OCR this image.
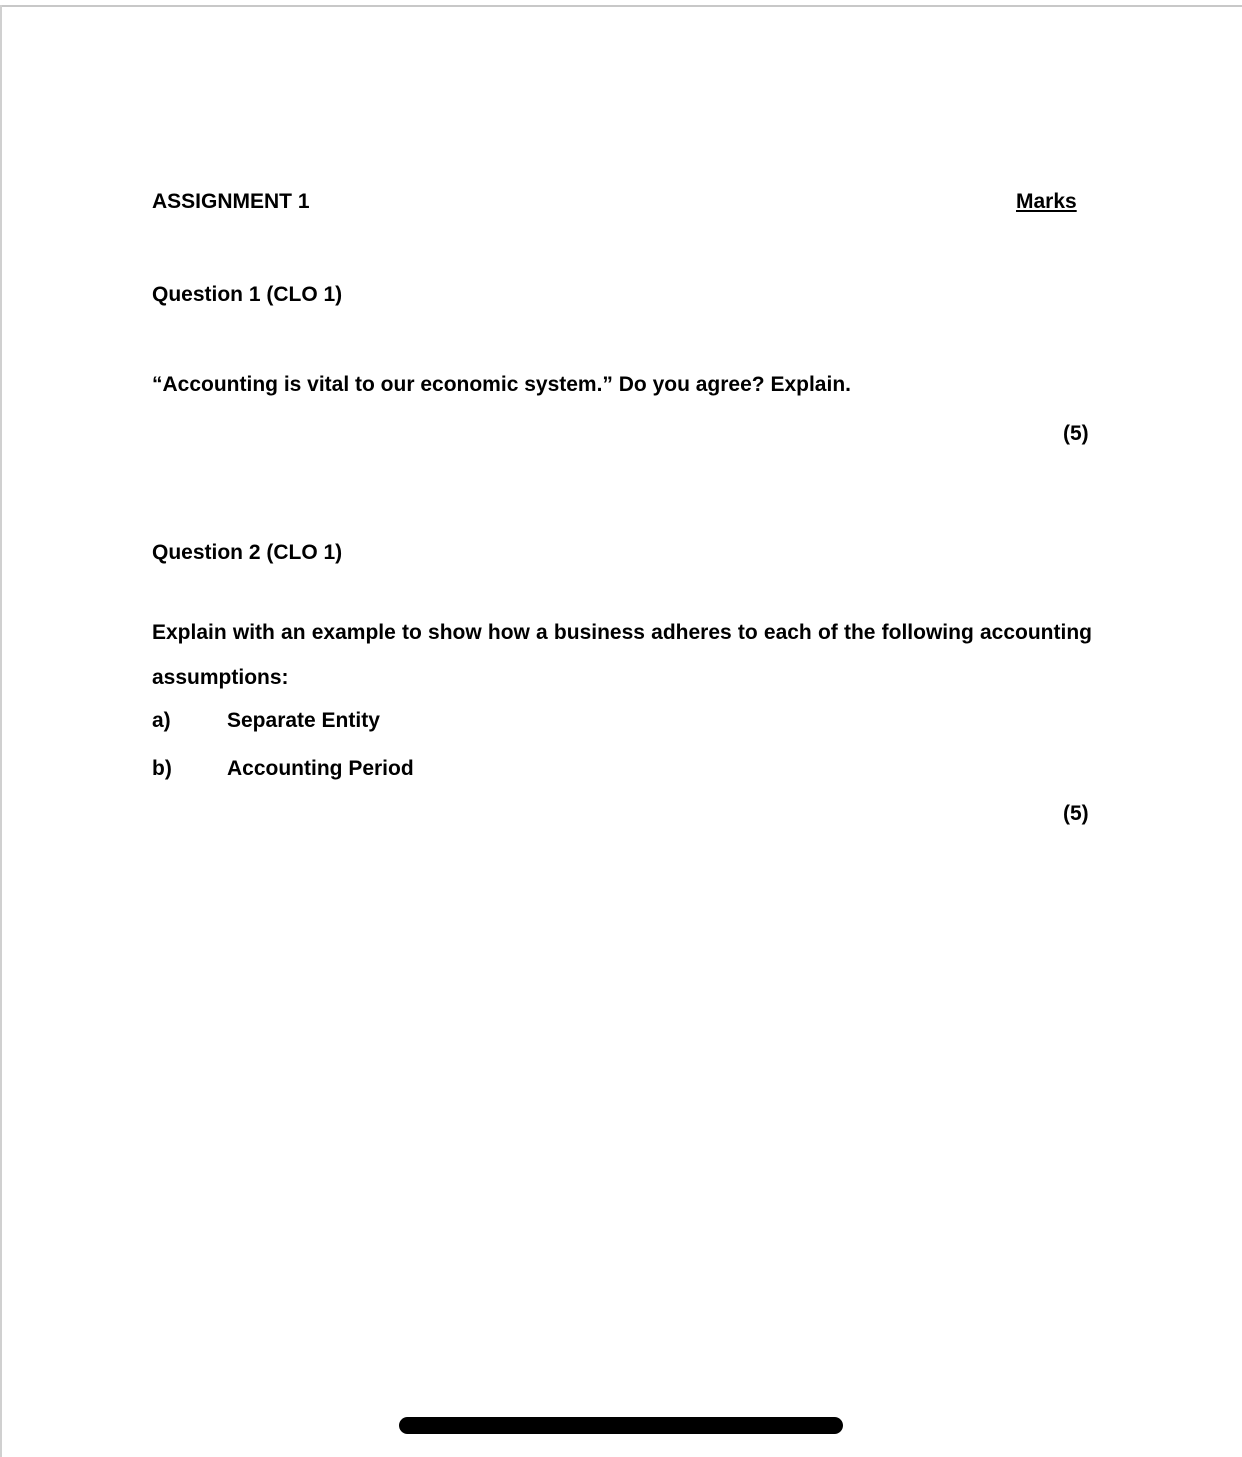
ASSIGNMENT 1	Marks
Question 1 (CLO 1)
“Accounting is vital to our economic system.” Do you agree? Explain.
(5)
Question 2 (CLO 1)
Explain with an example to show how a business adheres to each of the following accounting assumptions:
a)	Separate Entity
b)	Accounting Period
(5)
